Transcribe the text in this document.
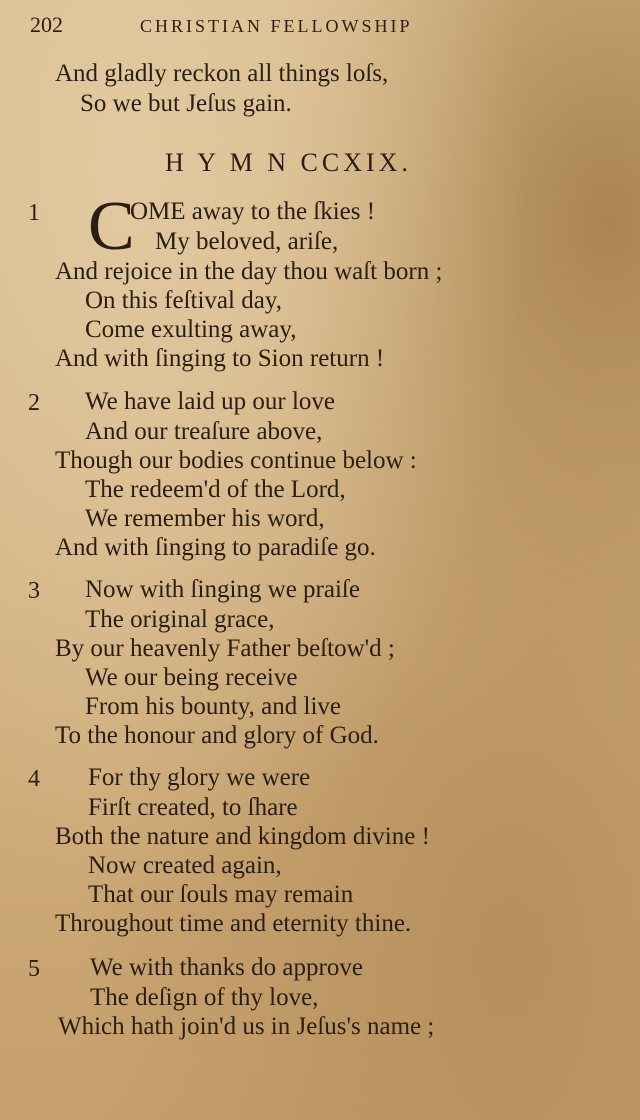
202	CHRISTIAN FELLOWSHIP
And gladly reckon all things loſs,
So we but Jeſus gain.
H Y M N CCXIX.
1 C
OME away to the ſkies !
My beloved, ariſe,
And rejoice in the day thou waſt born ;
On this feſtival day,
Come exulting away,
And with ſinging to Sion return !
2 We have laid up our love
And our treaſure above,
Though our bodies continue below :
The redeem'd of the Lord,
We remember his word,
And with ſinging to paradiſe go.
3 Now with ſinging we praiſe
The original grace,
By our heavenly Father beſtow'd ;
We our being receive
From his bounty, and live
To the honour and glory of God.
4 For thy glory we were
Firſt created, to ſhare
Both the nature and kingdom divine !
Now created again,
That our ſouls may remain
Throughout time and eternity thine.
5 We with thanks do approve
The deſign of thy love,
Which hath join'd us in Jeſus's name ;
